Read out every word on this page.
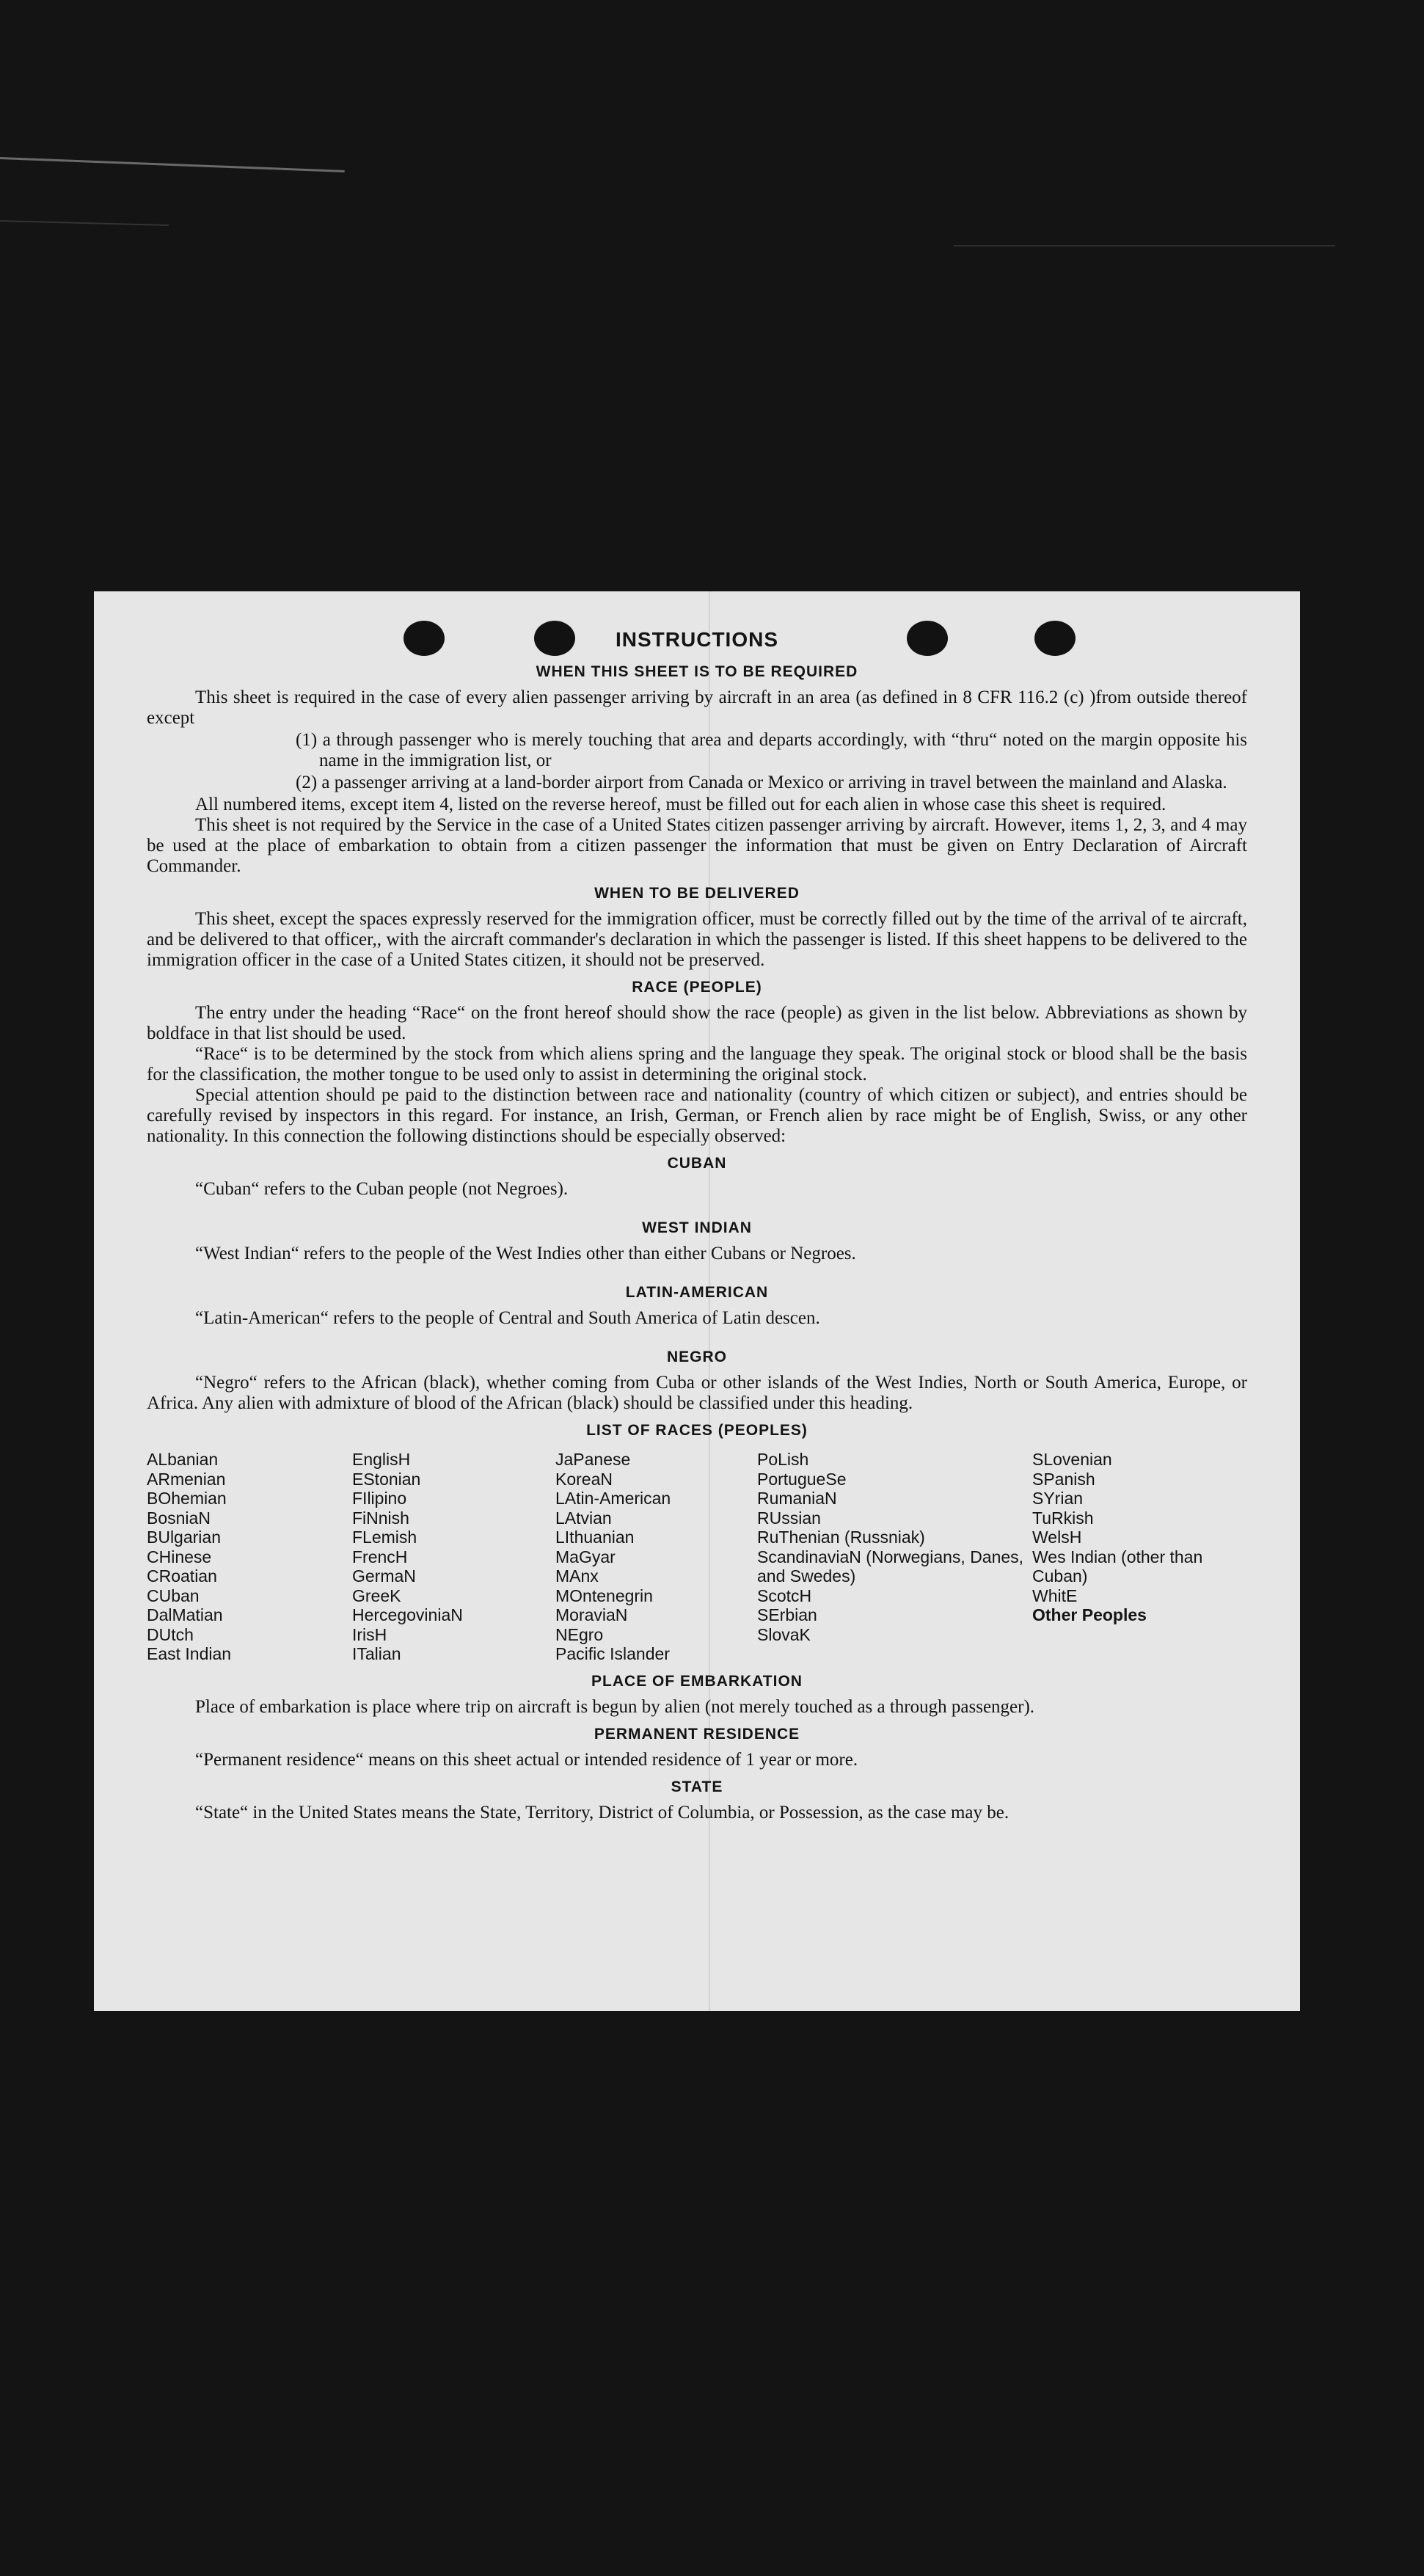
INSTRUCTIONS
WHEN THIS SHEET IS TO BE REQUIRED

This sheet is required in the case of every alien passenger arriving by aircraft in an area (as defined in 8 CFR 116.2 (c) )from outside thereof except

(1) a through passenger who is merely touching that area and departs accordingly, with “thru“ noted on the margin opposite his name in the immigration list, or
(2) a passenger arriving at a land-border airport from Canada or Mexico or arriving in travel between the mainland and Alaska.

All numbered items, except item 4, listed on the reverse hereof, must be filled out for each alien in whose case this sheet is required.

This sheet is not required by the Service in the case of a United States citizen passenger arriving by aircraft. However, items 1, 2, 3, and 4 may be used at the place of embarkation to obtain from a citizen passenger the information that must be given on Entry Declaration of Aircraft Commander.

WHEN TO BE DELIVERED

This sheet, except the spaces expressly reserved for the immigration officer, must be correctly filled out by the time of the arrival of te aircraft, and be delivered to that officer,, with the aircraft commander's declaration in which the passenger is listed. If this sheet happens to be delivered to the immigration officer in the case of a United States citizen, it should not be preserved.

RACE (PEOPLE)

The entry under the heading “Race“ on the front hereof should show the race (people) as given in the list below. Abbreviations as shown by boldface in that list should be used.

“Race“ is to be determined by the stock from which aliens spring and the language they speak. The original stock or blood shall be the basis for the classification, the mother tongue to be used only to assist in determining the original stock.

Special attention should pe paid to the distinction between race and nationality (country of which citizen or subject), and entries should be carefully revised by inspectors in this regard. For instance, an Irish, German, or French alien by race might be of English, Swiss, or any other nationality. In this connection the following distinctions should be especially observed:

CUBAN

“Cuban“ refers to the Cuban people (not Negroes).

WEST INDIAN

“West Indian“ refers to the people of the West Indies other than either Cubans or Negroes.

LATIN-AMERICAN

“Latin-American“ refers to the people of Central and South America of Latin descen.

NEGRO

“Negro“ refers to the African (black), whether coming from Cuba or other islands of the West Indies, North or South America, Europe, or Africa. Any alien with admixture of blood of the African (black) should be classified under this heading.

LIST OF RACES (PEOPLES)
ALbanian
ARmenian
BOhemian
BosniaN
BUlgarian
CHinese
CRoatian
CUban
DalMatian
DUtch
East Indian
EnglisH
EStonian
FIlipino
FiNnish
FLemish
FrencH
GermaN
GreeK
HercegoviniaN
IrisH
ITalian
JaPanese
KoreaN
LAtin-American
LAtvian
LIthuanian
MaGyar
MAnx
MOntenegrin
MoraviaN
NEgro
Pacific Islander
PoLish
PortugueSe
RumaniaN
RUssian
RuThenian (Russniak)
ScandinaviaN (Norwegians, Danes, and Swedes)
ScotcH
SErbian
SlovaK
SLovenian
SPanish
SYrian
TuRkish
WelsH
Wes Indian (other than Cuban)
WhitE
Other Peoples
PLACE OF EMBARKATION

Place of embarkation is place where trip on aircraft is begun by alien (not merely touched as a through passenger).

PERMANENT RESIDENCE

“Permanent residence“ means on this sheet actual or intended residence of 1 year or more.

STATE

“State“ in the United States means the State, Territory, District of Columbia, or Possession, as the case may be.
